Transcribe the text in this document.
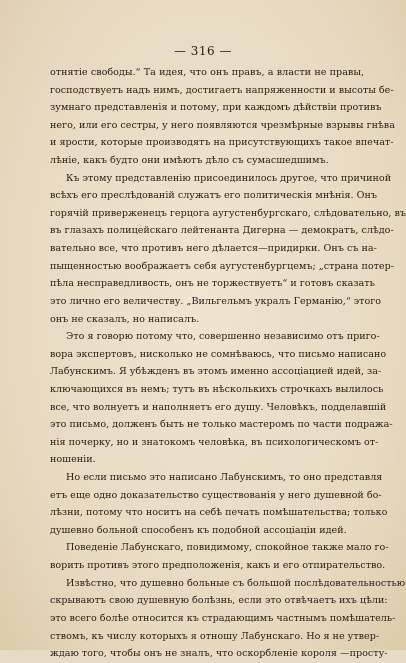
— 316 —
отнятіе свободы.“ Та идея, что онъ правъ, а власти не правы,
господствуетъ надъ нимъ, достигаетъ напряженности и высоты бе-
зумнаго представленія и потому, при каждомъ дѣйствіи противъ
него, или его сестры, у него появляются чрезмѣрные взрывы гнѣва
и ярости, которые производятъ на присутствующихъ такое впечат-
лѣніе, какъ будто они имѣютъ дѣло съ сумасшедшимъ.
Къ этому представленію присоединилось другое, что причиной
всѣхъ его преслѣдованій служатъ его политическія мнѣнія. Онъ
горячій приверженецъ герцога аугустенбургскаго, слѣдовательно, въ
въ глазахъ полицейскаго лейтенанта Дигерна — демократъ, слѣдо-
вательно все, что противъ него дѣлается—придирки. Онъ съ на-
пыщенностью воображаетъ себя аугустенбургцемъ; „страна потер-
пѣла несправедливость, онъ не торжествуетъ“ и готовъ сказать
это лично его величеству. „Вильгельмъ укралъ Германію,“ этого
онъ не сказалъ, но написалъ.
Это я говорю потому что, совершенно независимо отъ приго-
вора экспертовъ, нисколько не сомнѣваюсь, что письмо написано
Лабунскимъ. Я убѣжденъ въ этомъ именно ассоціацией идей, за-
ключающихся въ немъ; тутъ въ нѣсколькихъ строчкахъ вылилось
все, что волнуетъ и наполняетъ его душу. Человѣкъ, подделавшій
это письмо, долженъ быть не только мастеромъ по части подража-
нія почерку, но и знатокомъ человѣка, въ психологическомъ от-
ношеніи.
Но если письмо это написано Лабунскимъ, то оно представля
етъ еще одно доказательство существованія у него душевной бо-
лѣзни, потому что носитъ на себѣ печать помѣшательства; только
душевно больной способенъ къ подобной ассоціаціи идей.
Поведеніе Лабунскаго, повидимому, спокойное также мало го-
ворить противъ этого предположенія, какъ и его отпирательство.
Извѣстно, что душевно больные съ большой послѣдовательностью
скрываютъ свою душевную болѣзнь, если это отвѣчаетъ ихъ цѣли:
это всего болѣе относится къ страдающимъ частнымъ помѣшатель-
ствомъ, къ числу которыхъ я отношу Лабунскаго. Но я не утвер-
ждаю того, чтобы онъ не зналъ, что оскорбленіе короля —просту-
